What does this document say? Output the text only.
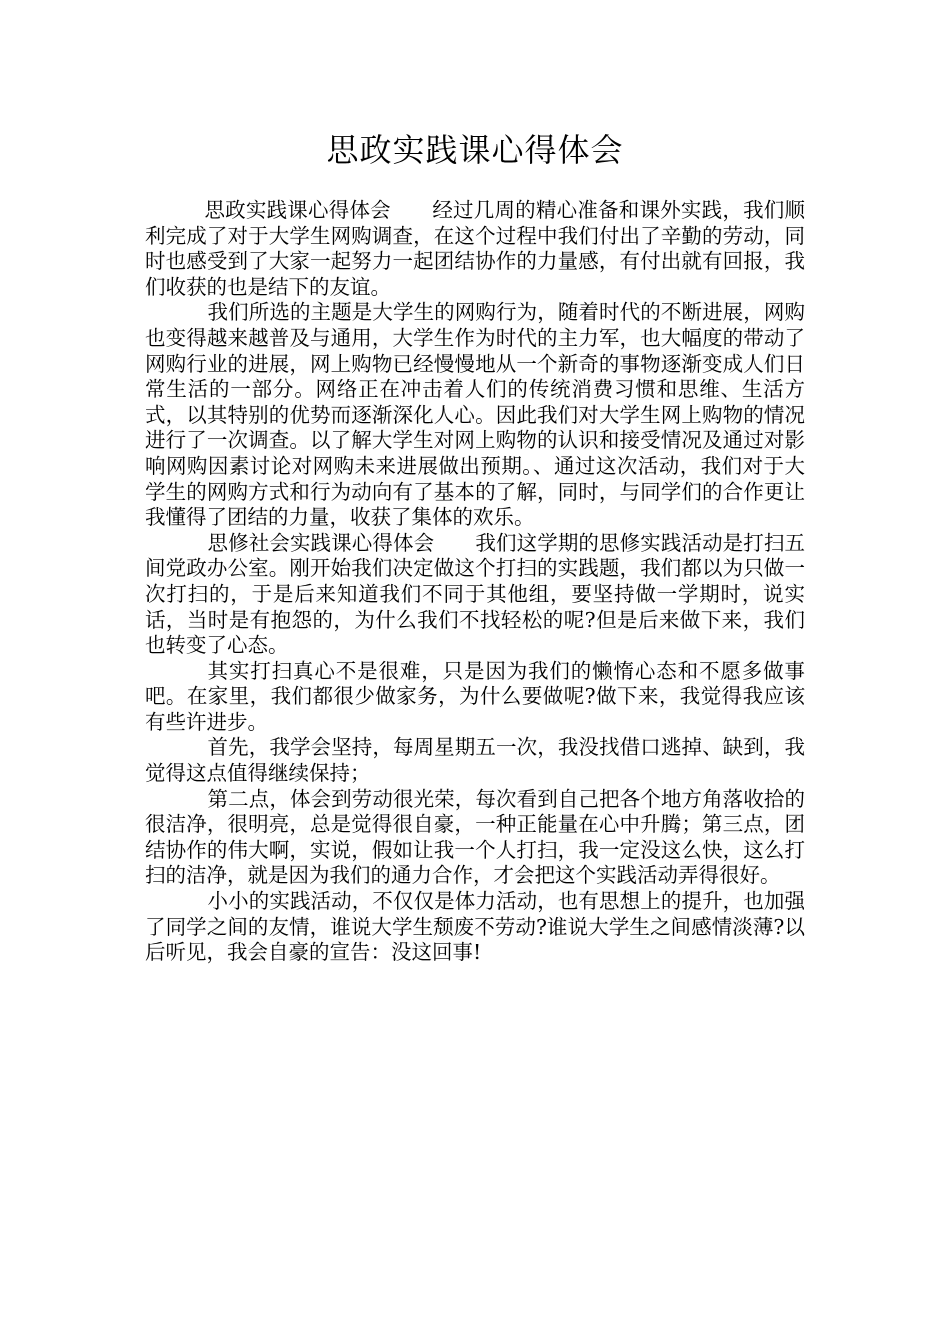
思政实践课心得体会

思政实践课心得体会　　经过几周的精心准备和课外实践，我们顺利完成了对于大学生网购调查，在这个过程中我们付出了辛勤的劳动，同时也感受到了大家一起努力一起团结协作的力量感，有付出就有回报，我们收获的也是结下的友谊。

我们所选的主题是大学生的网购行为，随着时代的不断进展，网购也变得越来越普及与通用，大学生作为时代的主力军，也大幅度的带动了网购行业的进展，网上购物已经慢慢地从一个新奇的事物逐渐变成人们日常生活的一部分。网络正在冲击着人们的传统消费习惯和思维、生活方式，以其特别的优势而逐渐深化人心。因此我们对大学生网上购物的情况进行了一次调查。以了解大学生对网上购物的认识和接受情况及通过对影响网购因素讨论对网购未来进展做出预期。、通过这次活动，我们对于大学生的网购方式和行为动向有了基本的了解，同时，与同学们的合作更让我懂得了团结的力量，收获了集体的欢乐。

思修社会实践课心得体会　　我们这学期的思修实践活动是打扫五间党政办公室。刚开始我们决定做这个打扫的实践题，我们都以为只做一次打扫的，于是后来知道我们不同于其他组，要坚持做一学期时，说实话，当时是有抱怨的，为什么我们不找轻松的呢?但是后来做下来，我们也转变了心态。

其实打扫真心不是很难，只是因为我们的懒惰心态和不愿多做事吧。在家里，我们都很少做家务，为什么要做呢?做下来，我觉得我应该有些许进步。

首先，我学会坚持，每周星期五一次，我没找借口逃掉、缺到，我觉得这点值得继续保持；

第二点，体会到劳动很光荣，每次看到自己把各个地方角落收拾的很洁净，很明亮，总是觉得很自豪，一种正能量在心中升腾；第三点，团结协作的伟大啊，实说，假如让我一个人打扫，我一定没这么快，这么打扫的洁净，就是因为我们的通力合作，才会把这个实践活动弄得很好。

小小的实践活动，不仅仅是体力活动，也有思想上的提升，也加强了同学之间的友情，谁说大学生颓废不劳动?谁说大学生之间感情淡薄?以后听见，我会自豪的宣告：没这回事!
